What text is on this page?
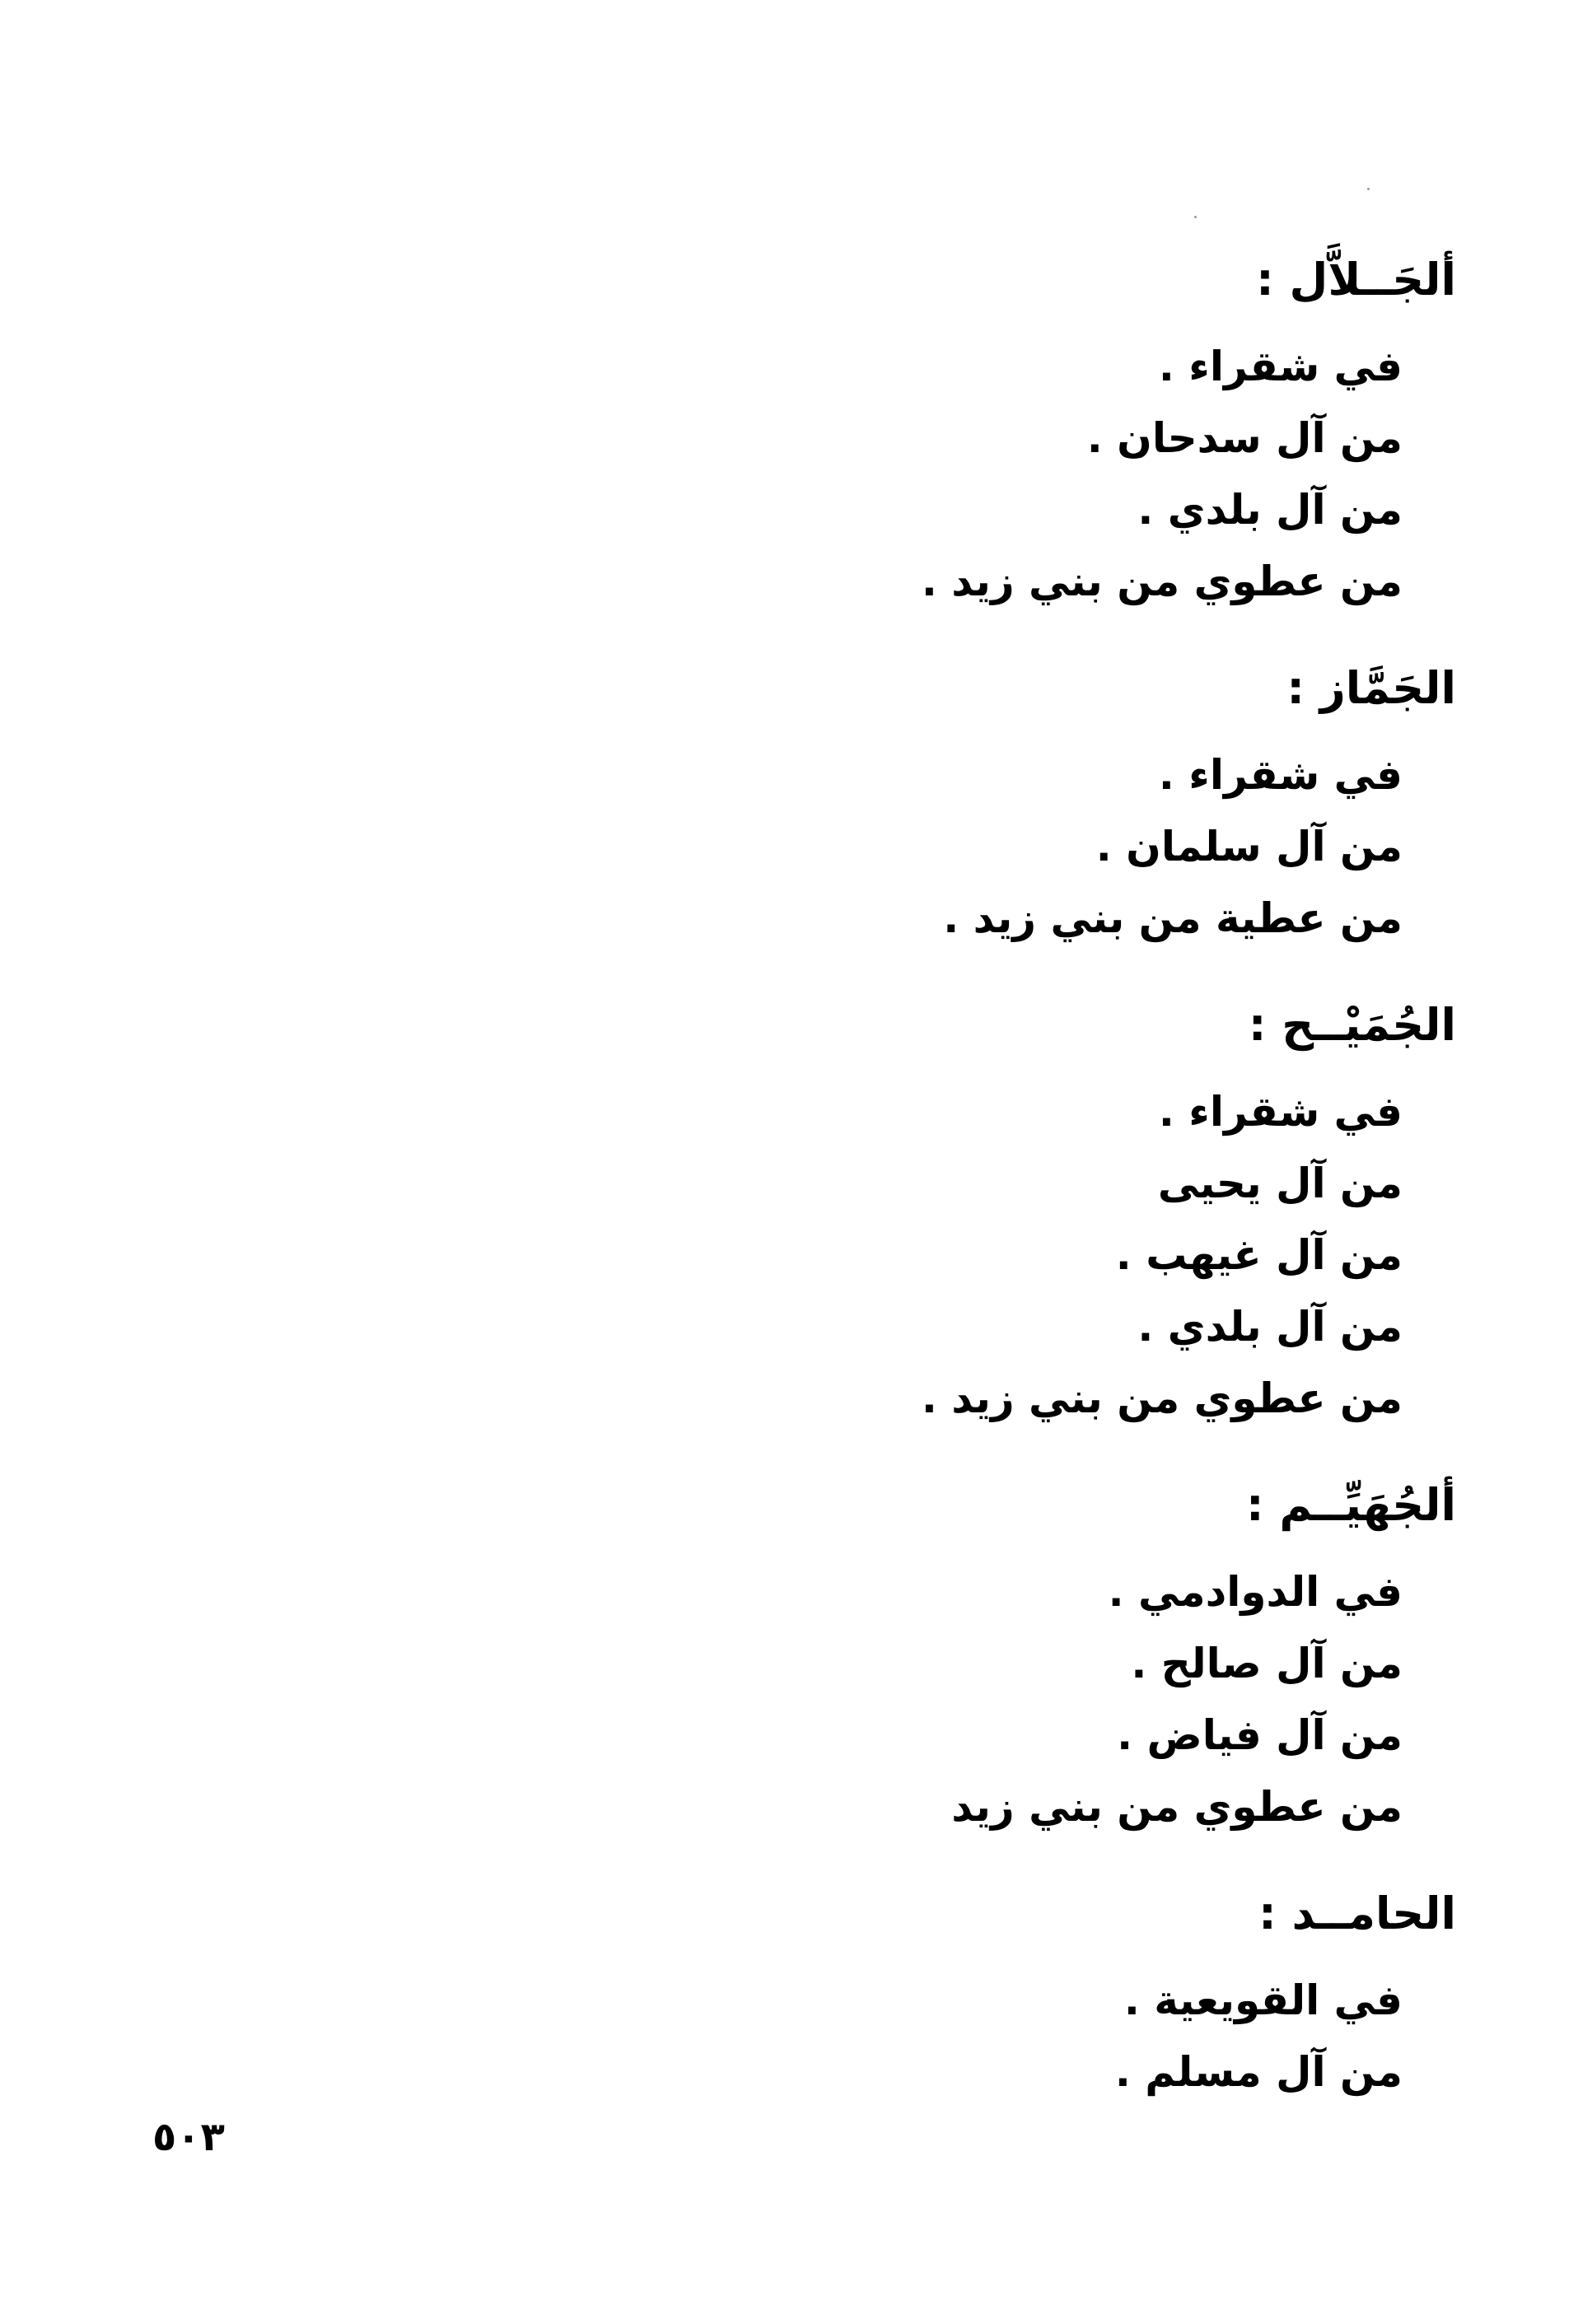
ألجَــلاَّل :
في شقراء .
من آل سدحان .
من آل بلدي .
من عطوي من بني زيد .
الجَمَّاز :
في شقراء .
من آل سلمان .
من عطية من بني زيد .
الجُمَيْــح :
في شقراء .
من آل يحيى
من آل غيهب .
من آل بلدي .
من عطوي من بني زيد .
ألجُهَيِّــم :
في الدوادمي .
من آل صالح .
من آل فياض .
من عطوي من بني زيد
الحامــد :
في القويعية .
من آل مسلم .
٥٠٣
